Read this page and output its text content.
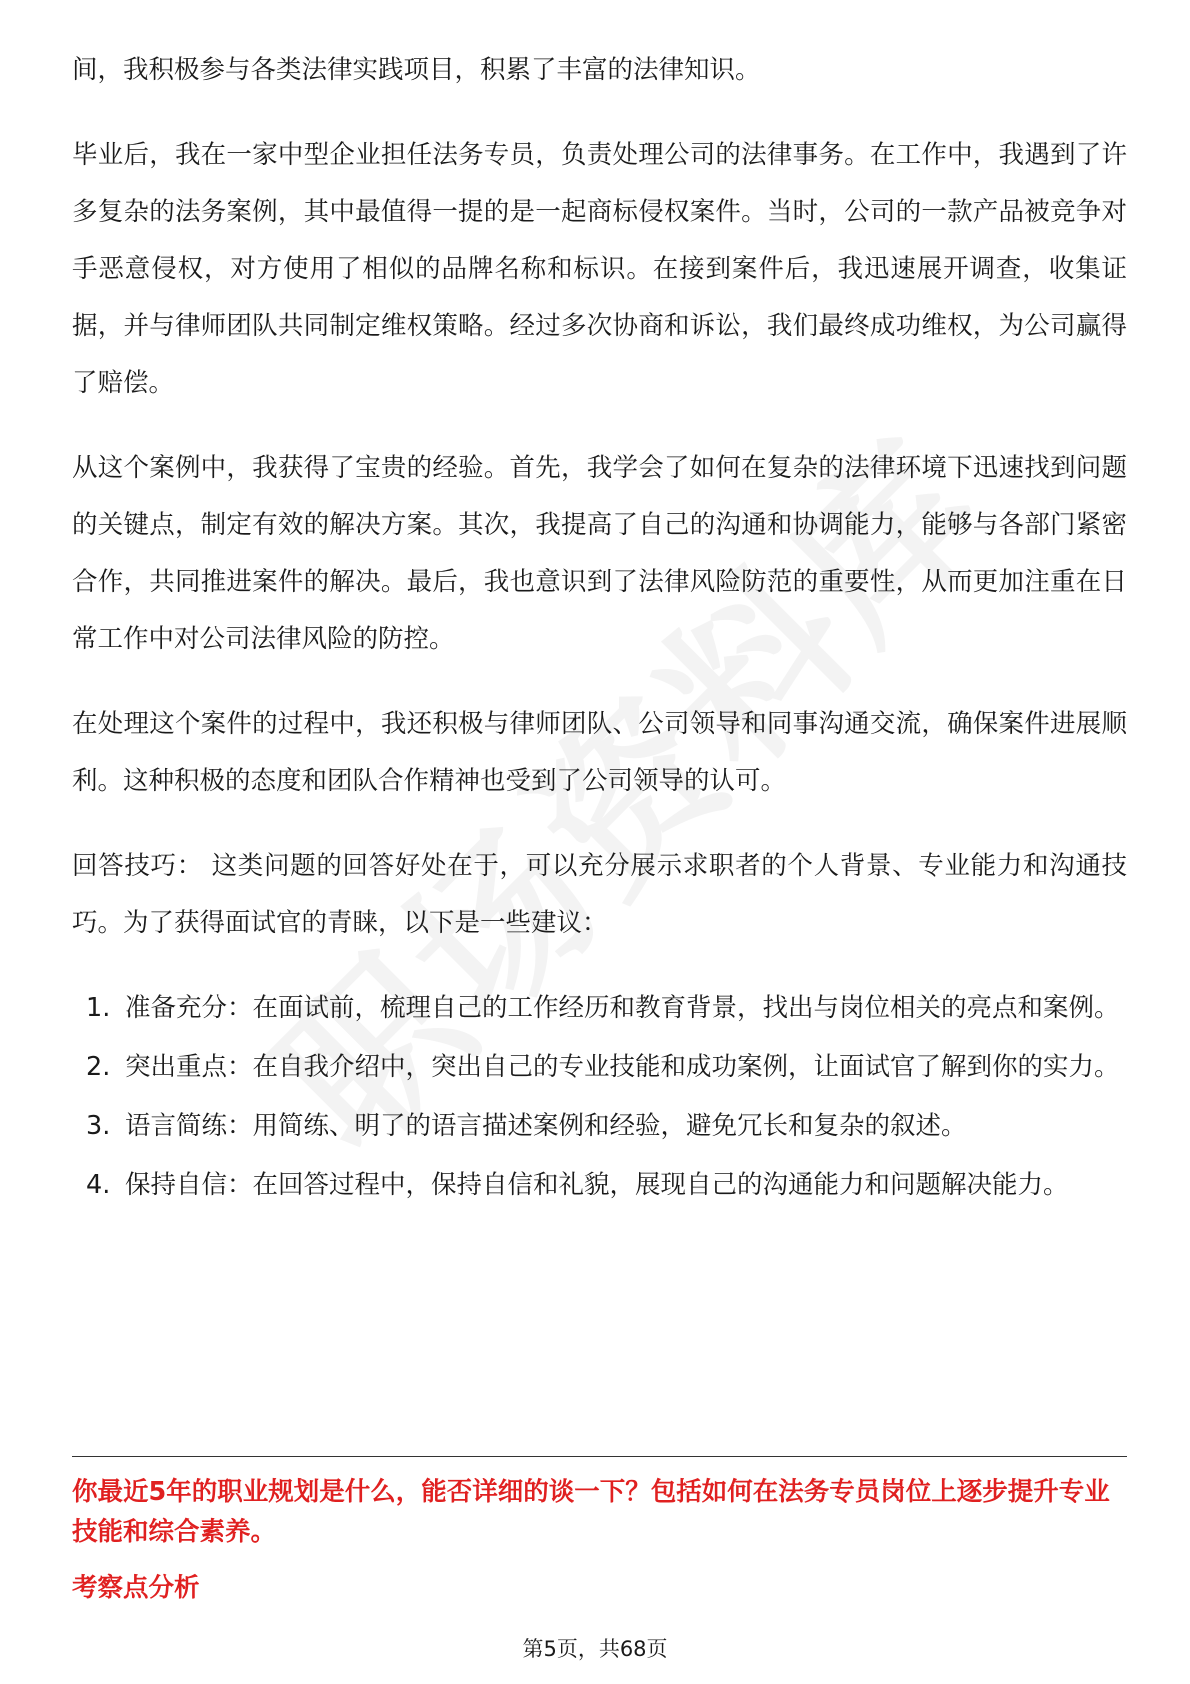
间，我积极参与各类法律实践项目，积累了丰富的法律知识。

毕业后，我在一家中型企业担任法务专员，负责处理公司的法律事务。在工作中，我遇到了许多复杂的法务案例，其中最值得一提的是一起商标侵权案件。当时，公司的一款产品被竞争对手恶意侵权，对方使用了相似的品牌名称和标识。在接到案件后，我迅速展开调查，收集证据，并与律师团队共同制定维权策略。经过多次协商和诉讼，我们最终成功维权，为公司赢得了赔偿。

从这个案例中，我获得了宝贵的经验。首先，我学会了如何在复杂的法律环境下迅速找到问题的关键点，制定有效的解决方案。其次，我提高了自己的沟通和协调能力，能够与各部门紧密合作，共同推进案件的解决。最后，我也意识到了法律风险防范的重要性，从而更加注重在日常工作中对公司法律风险的防控。

在处理这个案件的过程中，我还积极与律师团队、公司领导和同事沟通交流，确保案件进展顺利。这种积极的态度和团队合作精神也受到了公司领导的认可。

回答技巧： 这类问题的回答好处在于，可以充分展示求职者的个人背景、专业能力和沟通技巧。为了获得面试官的青睐，以下是一些建议：

1. 准备充分：在面试前，梳理自己的工作经历和教育背景，找出与岗位相关的亮点和案例。
2. 突出重点：在自我介绍中，突出自己的专业技能和成功案例，让面试官了解到你的实力。
3. 语言简练：用简练、明了的语言描述案例和经验，避免冗长和复杂的叙述。
4. 保持自信：在回答过程中，保持自信和礼貌，展现自己的沟通能力和问题解决能力。
你最近5年的职业规划是什么，能否详细的谈一下？包括如何在法务专员岗位上逐步提升专业技能和综合素养。
考察点分析
第5页，共68页
